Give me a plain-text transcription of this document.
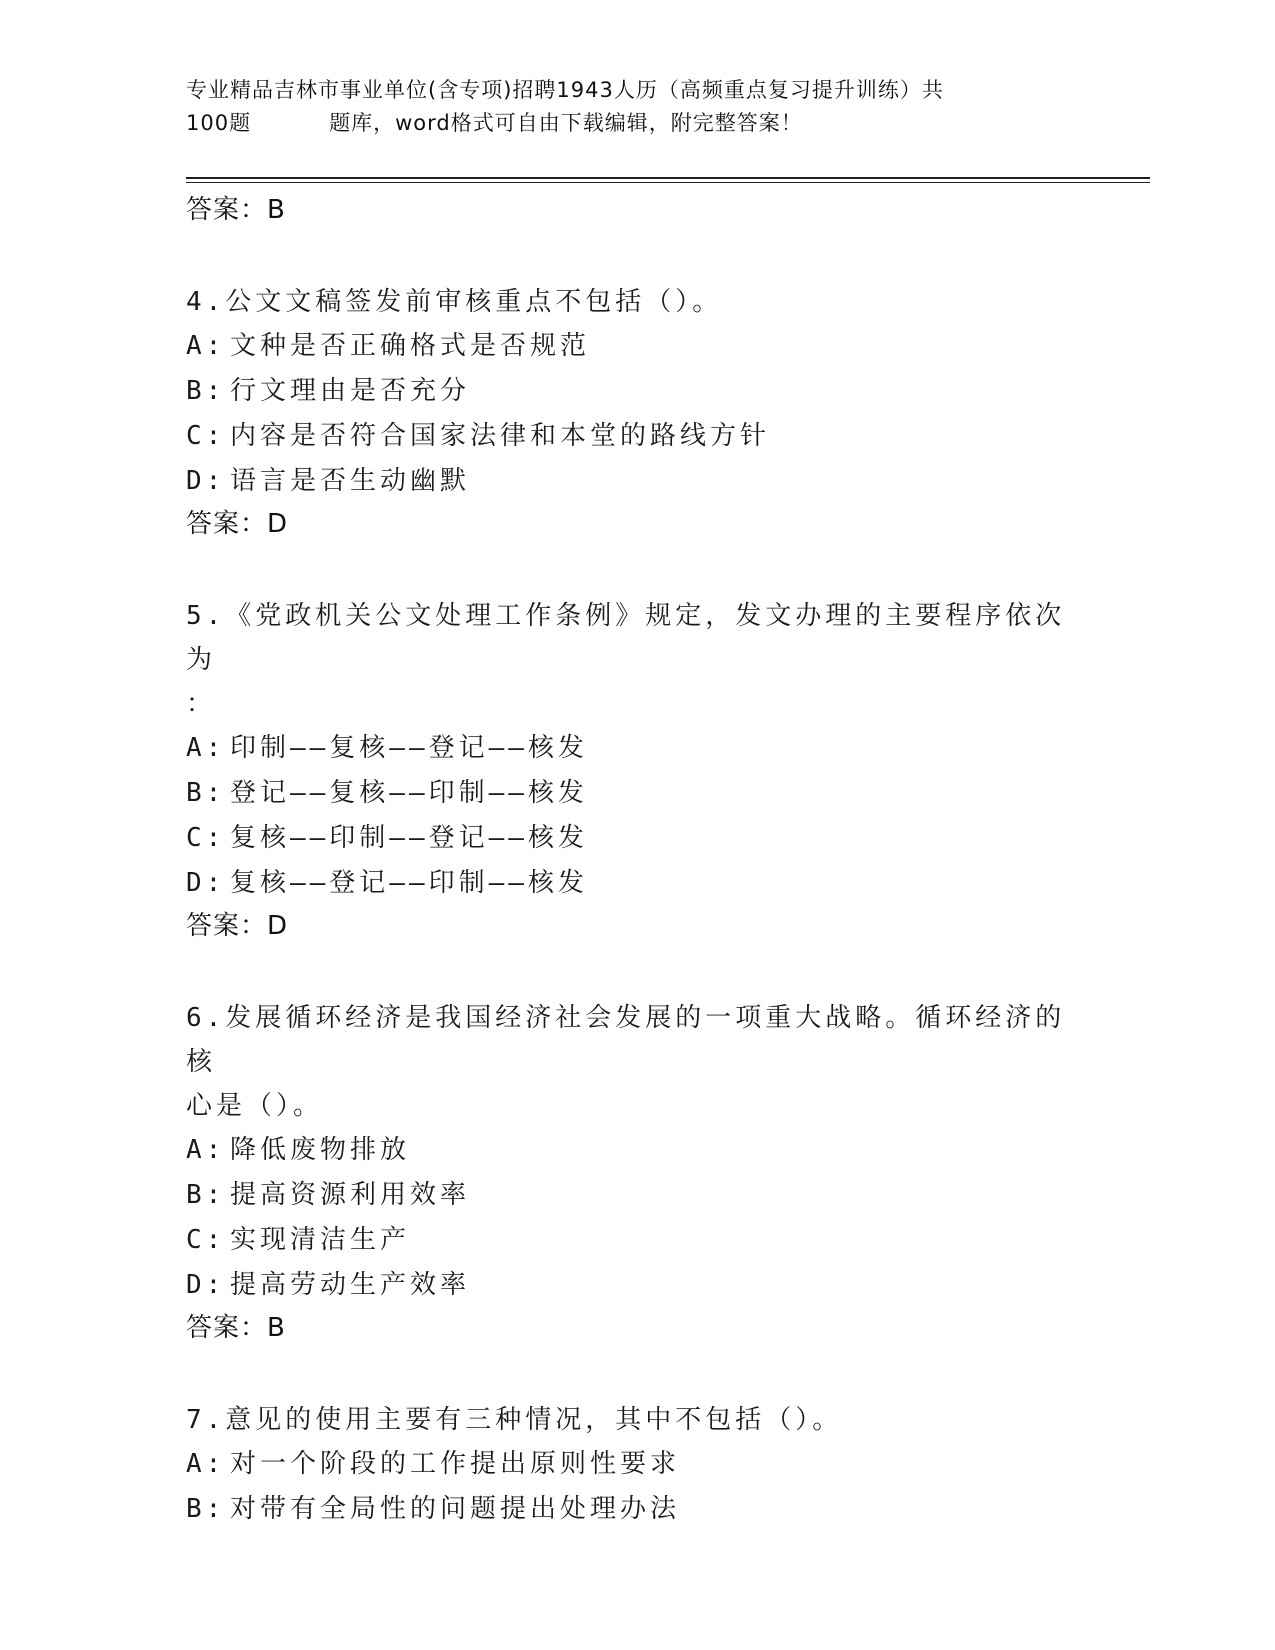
专业精品吉林市事业单位(含专项)招聘1943人历（高频重点复习提升训练）共
100题	题库，word格式可自由下载编辑，附完整答案！

答案：B

4.公文文稿签发前审核重点不包括（）。

A: 文种是否正确格式是否规范

B: 行文理由是否充分

C: 内容是否符合国家法律和本堂的路线方针

D: 语言是否生动幽默

答案：D

5.《党政机关公文处理工作条例》规定，发文办理的主要程序依次为

：

A: 印制——复核——登记——核发

B: 登记——复核——印制——核发

C: 复核——印制——登记——核发

D: 复核——登记——印制——核发

答案：D

6.发展循环经济是我国经济社会发展的一项重大战略。循环经济的核

心是（）。

A: 降低废物排放

B: 提高资源利用效率

C: 实现清洁生产

D: 提高劳动生产效率

答案：B

7.意见的使用主要有三种情况，其中不包括（）。

A: 对一个阶段的工作提出原则性要求

B: 对带有全局性的问题提出处理办法
